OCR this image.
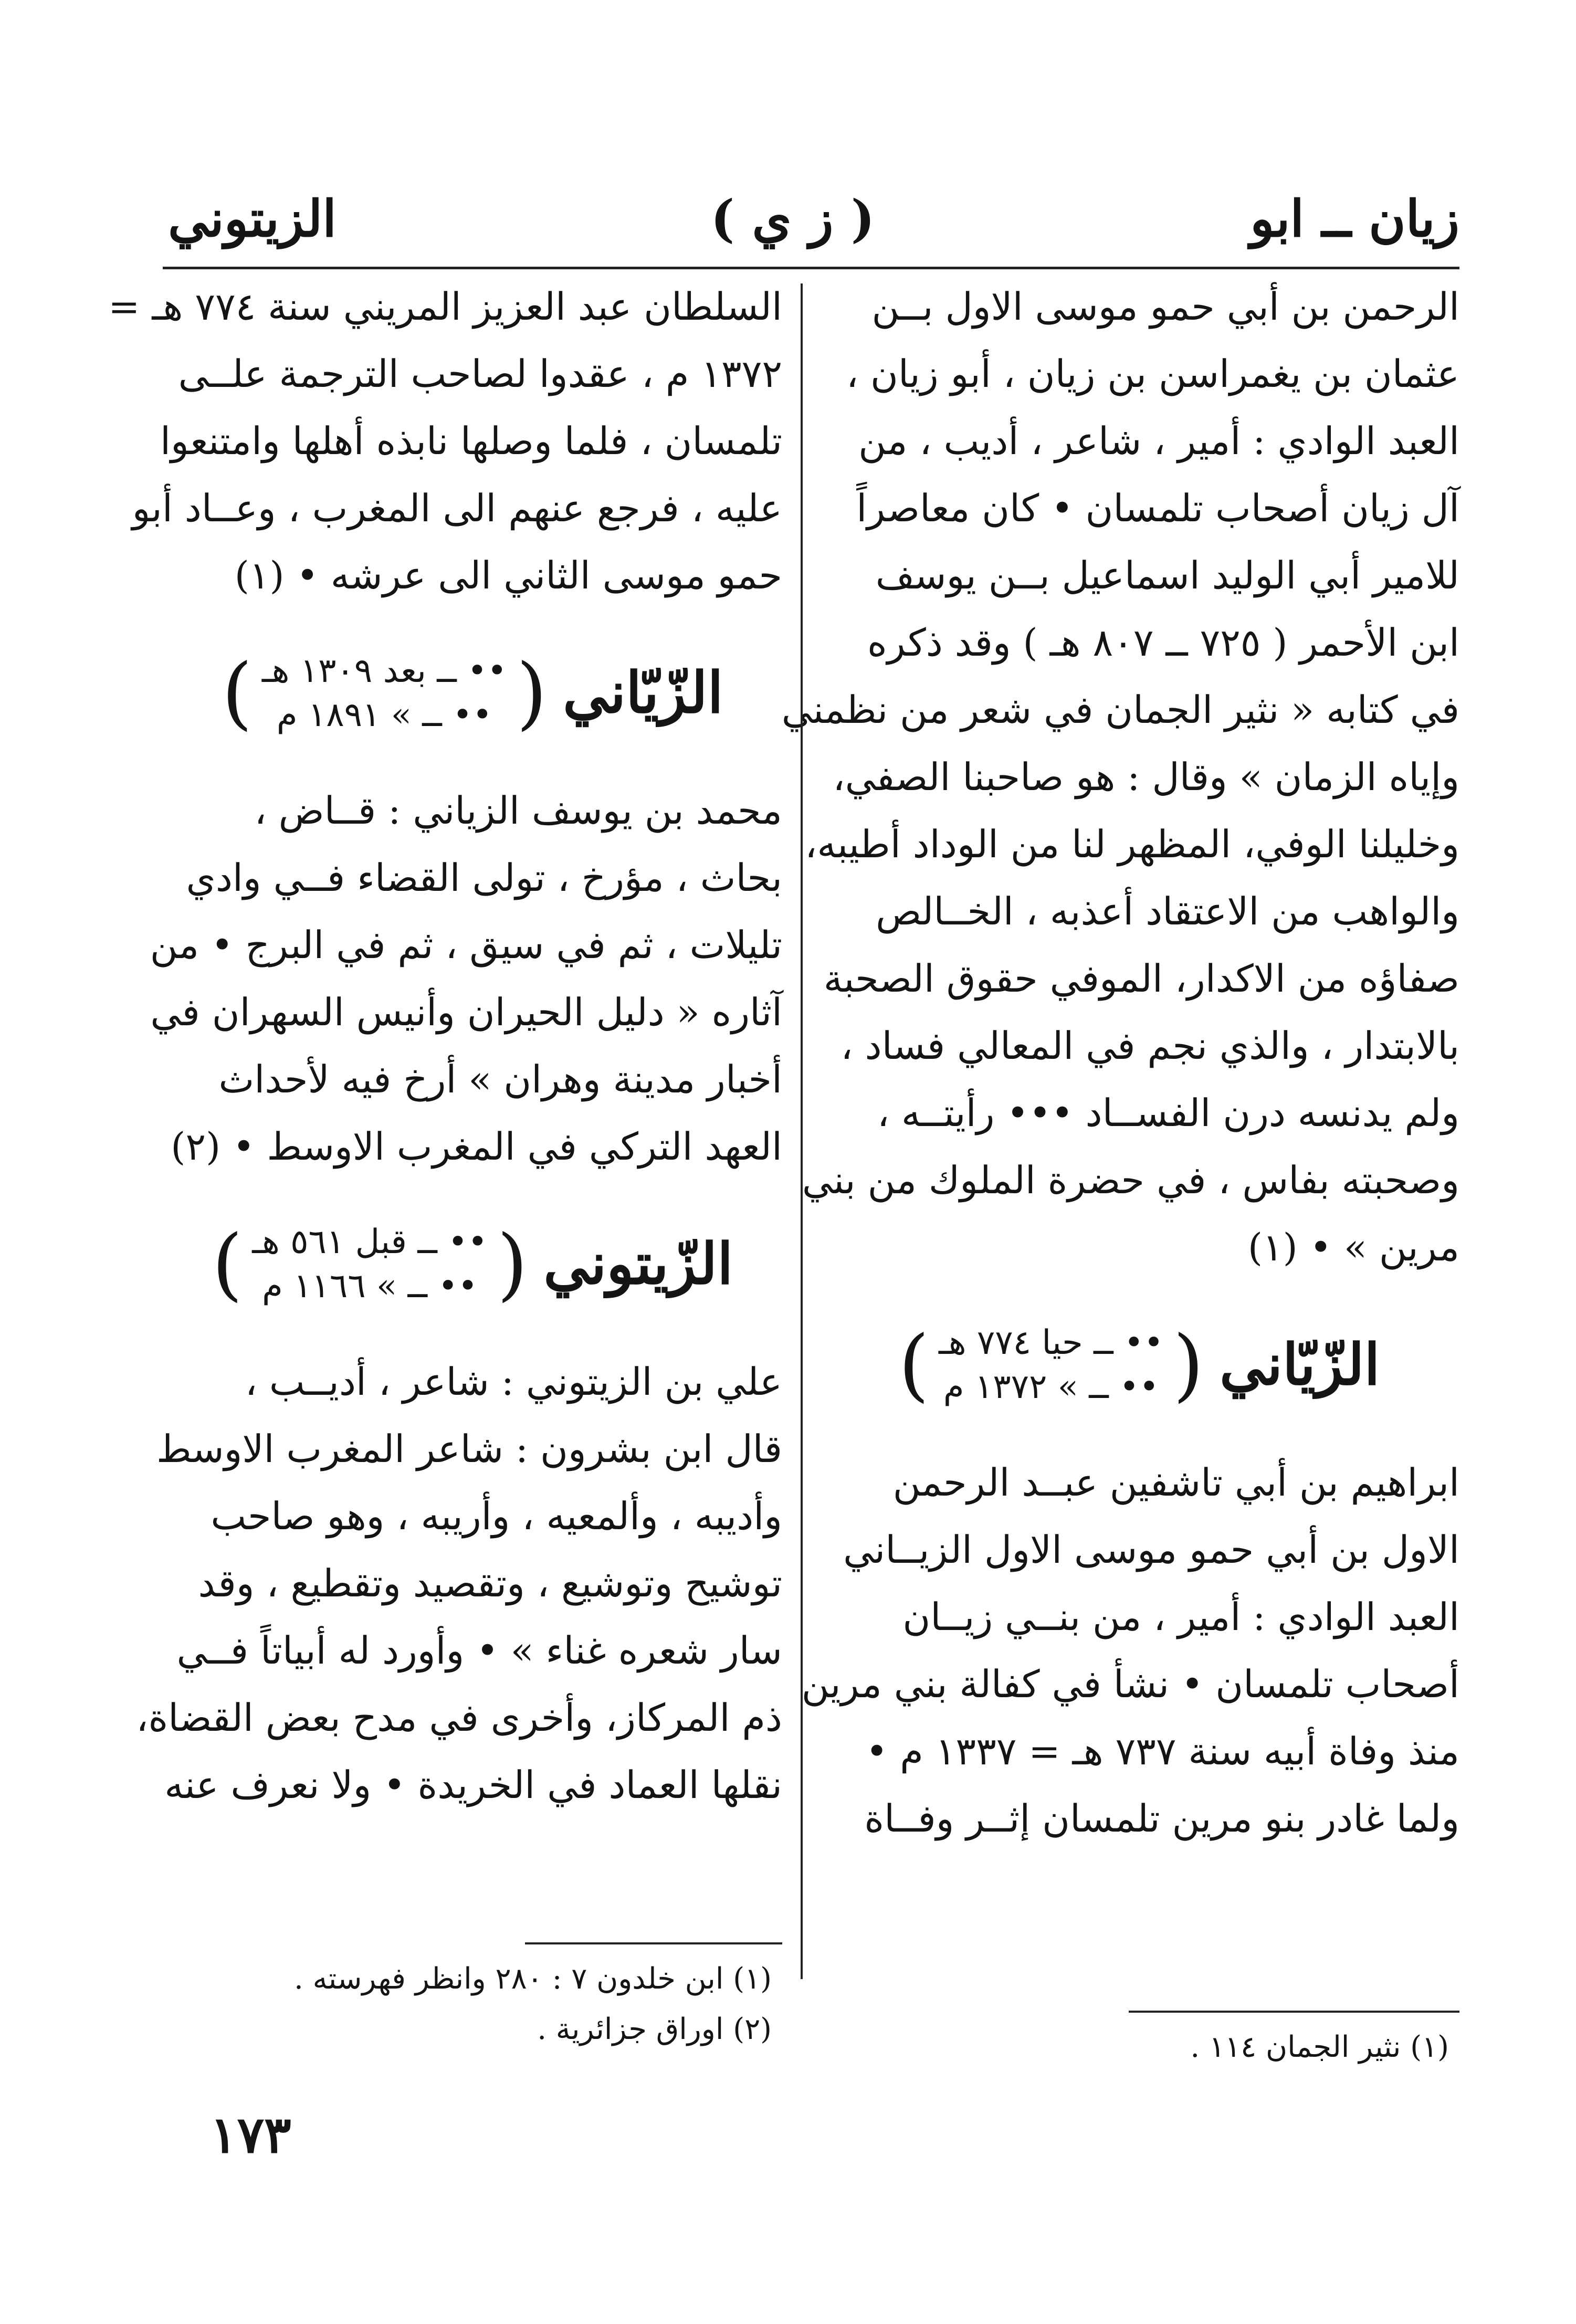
زيان ــ ابو
( ز ي )
الزيتوني
الرحمن بن أبي حمو موسى الاول بــن
عثمان بن يغمراسن بن زيان ، أبو زيان ،
العبد الوادي : أمير ، شاعر ، أديب ، من
آل زيان أصحاب تلمسان • كان معاصراً
للامير أبي الوليد اسماعيل بــن يوسف
ابن الأحمر ( ٧٢٥ ــ ٨٠٧ هـ ) وقد ذكره
في كتابه « نثير الجمان في شعر من نظمني
وإياه الزمان » وقال : هو صاحبنا الصفي،
وخليلنا الوفي، المظهر لنا من الوداد أطيبه،
والواهب من الاعتقاد أعذبه ، الخــالص
صفاؤه من الاكدار، الموفي حقوق الصحبة
بالابتدار ، والذي نجم في المعالي فساد ،
ولم يدنسه درن الفســاد ••• رأيتــه ،
وصحبته بفاس ، في حضرة الملوك من بني
مرين » • (١)
الزّيّاني
(
•• ــ حيا ٧٧٤ هـ
•• ــ » ١٣٧٢ م
)
ابراهيم بن أبي تاشفين عبــد الرحمن
الاول بن أبي حمو موسى الاول الزيــاني
العبد الوادي : أمير ، من بنــي زيــان
أصحاب تلمسان • نشأ في كفالة بني مرين
منذ وفاة أبيه سنة ٧٣٧ هـ = ١٣٣٧ م •
ولما غادر بنو مرين تلمسان إثــر وفــاة
السلطان عبد العزيز المريني سنة ٧٧٤ هـ =
١٣٧٢ م ، عقدوا لصاحب الترجمة علــى
تلمسان ، فلما وصلها نابذه أهلها وامتنعوا
عليه ، فرجع عنهم الى المغرب ، وعــاد أبو
حمو موسى الثاني الى عرشه • (١)
الزّيّاني
(
•• ــ بعد ١٣٠٩ هـ
•• ــ » ١٨٩١ م
)
محمد بن يوسف الزياني : قــاض ،
بحاث ، مؤرخ ، تولى القضاء فــي وادي
تليلات ، ثم في سيق ، ثم في البرج • من
آثاره « دليل الحيران وأنيس السهران في
أخبار مدينة وهران » أرخ فيه لأحداث
العهد التركي في المغرب الاوسط • (٢)
الزّيتوني
(
•• ــ قبل ٥٦١ هـ
•• ــ » ١١٦٦ م
)
علي بن الزيتوني : شاعر ، أديــب ،
قال ابن بشرون : شاعر المغرب الاوسط
وأديبه ، وألمعيه ، وأريبه ، وهو صاحب
توشيح وتوشيع ، وتقصيد وتقطيع ، وقد
سار شعره غناء » • وأورد له أبياتاً فــي
ذم المركاز، وأخرى في مدح بعض القضاة،
نقلها العماد في الخريدة • ولا نعرف عنه
(١) نثير الجمان ١١٤ .
(١) ابن خلدون ٧ : ٢٨٠ وانظر فهرسته .
(٢) اوراق جزائرية .
١٧٣
